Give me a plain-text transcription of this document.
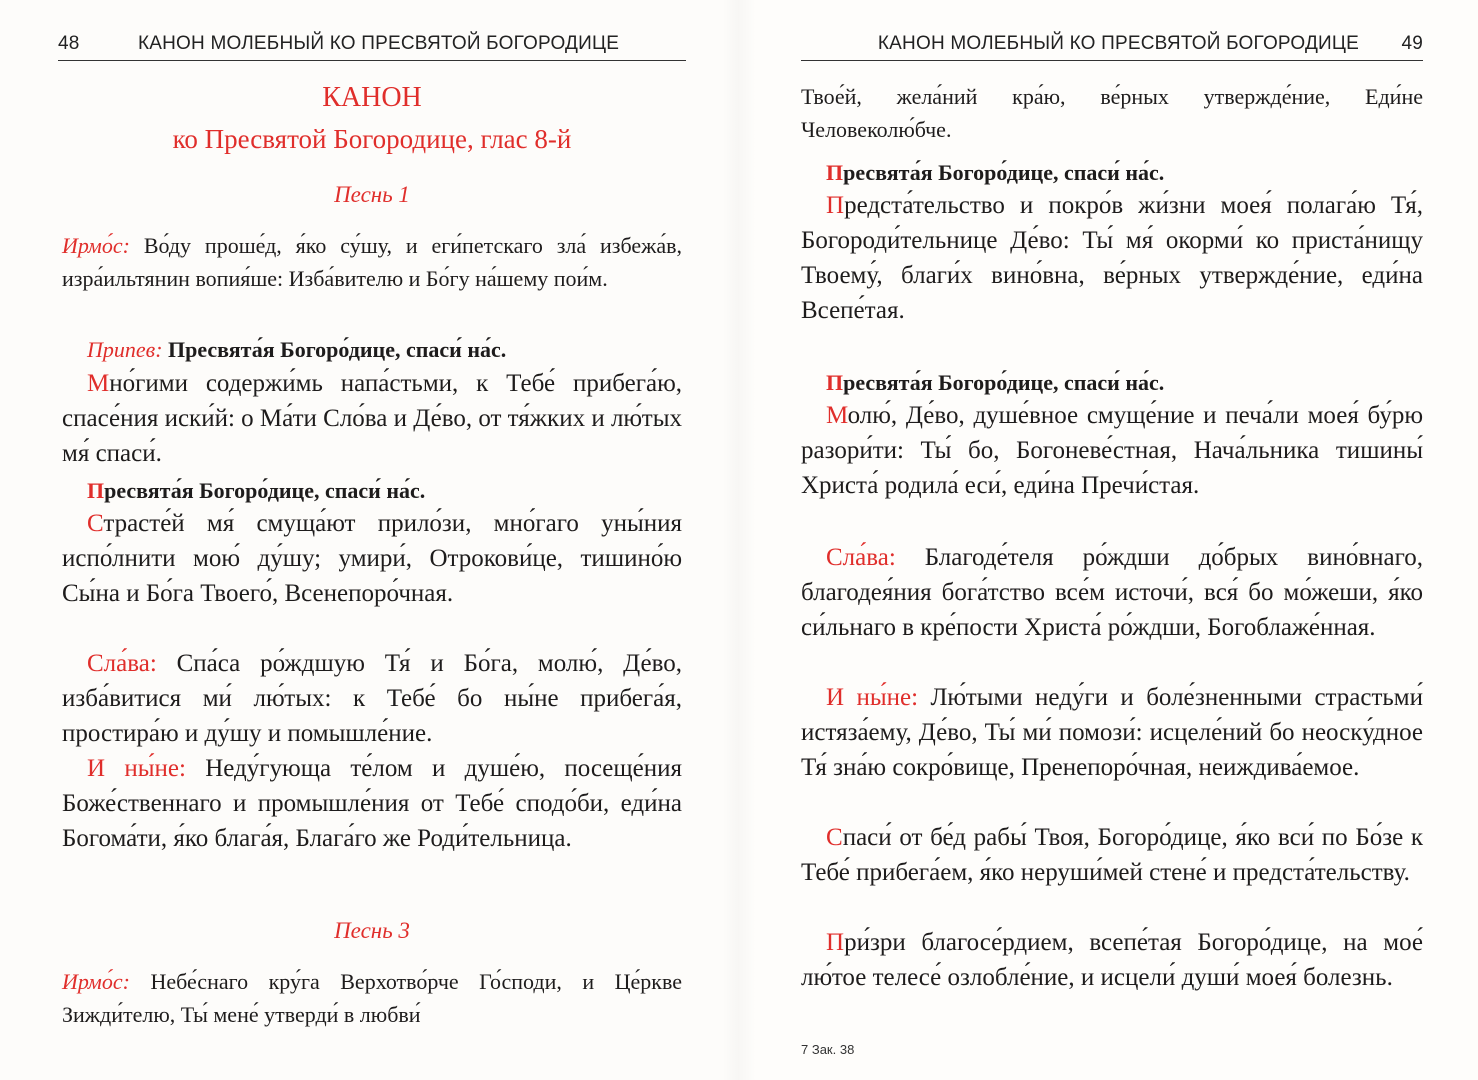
48	КАНОН МОЛЕБНЫЙ КО ПРЕСВЯТОЙ БОГОРОДИЦЕ
КАНОН
ко Пресвятой Богородице, глас 8-й
Песнь 1
Ирмо́с: Во́ду проше́д, я́ко су́шу, и еги́петскаго зла́ избежа́в, изра́ильтянин вопия́ше: Изба́вителю и Бо́гу на́шему пои́м.
Припев: Пресвята́я Богоро́дице, спаси́ на́с.
Мно́гими содержи́мь напа́стьми, к Тебе́ прибега́ю, спасе́ния иски́й: о Ма́ти Сло́ва и Де́во, от тя́жких и лю́тых мя́ спаси́.
Пресвята́я Богоро́дице, спаси́ на́с.
Страсте́й мя́ смуща́ют прило́зи, мно́гаго уны́ния испо́лнити мою́ ду́шу; умири́, Отрокови́це, тишино́ю Сы́на и Бо́га Твоего́, Всенепоро́чная.
Сла́ва: Спа́са ро́ждшую Тя́ и Бо́га, молю́, Де́во, изба́витися ми́ лю́тых: к Тебе́ бо ны́не прибега́я, простира́ю и ду́шу и помышле́ние.
И ны́не: Неду́гующа те́лом и душе́ю, посеще́ния Боже́ственнаго и промышле́ния от Тебе́ сподо́би, еди́на Богома́ти, я́ко блага́я, Блага́го же Роди́тельница.
Песнь 3
Ирмо́с: Небе́снаго кру́га Верхотво́рче Го́споди, и Це́ркве Зижди́телю, Ты́ мене́ утверди́ в любви́
КАНОН МОЛЕБНЫЙ КО ПРЕСВЯТОЙ БОГОРОДИЦЕ 49
Твое́й, жела́ний кра́ю, ве́рных утвержде́ние, Еди́не Человеколю́бче.
Пресвята́я Богоро́дице, спаси́ на́с.
Предста́тельство и покро́в жи́зни моея́ полага́ю Тя́, Богороди́тельнице Де́во: Ты́ мя́ окорми́ ко приста́нищу Твоему́, благи́х вино́вна, ве́рных утвержде́ние, еди́на Всепе́тая.
Пресвята́я Богоро́дице, спаси́ на́с.
Молю́, Де́во, душе́вное смуще́ние и печа́ли моея́ бу́рю разори́ти: Ты́ бо, Богоневе́стная, Нача́льника тишины́ Христа́ родила́ еси́, еди́на Пречи́стая.
Сла́ва: Благоде́теля ро́ждши до́брых вино́внаго, благодея́ния бога́тство все́м источи́, вся́ бо мо́жеши, я́ко си́льнаго в кре́пости Христа́ ро́ждши, Богоблаже́нная.
И ны́не: Лю́тыми неду́ги и боле́зненными страстьми́ истяза́ему, Де́во, Ты́ ми́ помози́: исцеле́ний бо неоску́дное Тя́ зна́ю сокро́вище, Пренепоро́чная, неиждива́емое.
Спаси́ от бе́д рабы́ Твоя, Богоро́дице, я́ко вси́ по Бо́зе к Тебе́ прибега́ем, я́ко неруши́мей стене́ и предста́тельству.
При́зри благосе́рдием, всепе́тая Богоро́дице, на мое́ лю́тое телесе́ озлобле́ние, и исцели́ души́ моея́ болезнь.
7 Зак. 38
